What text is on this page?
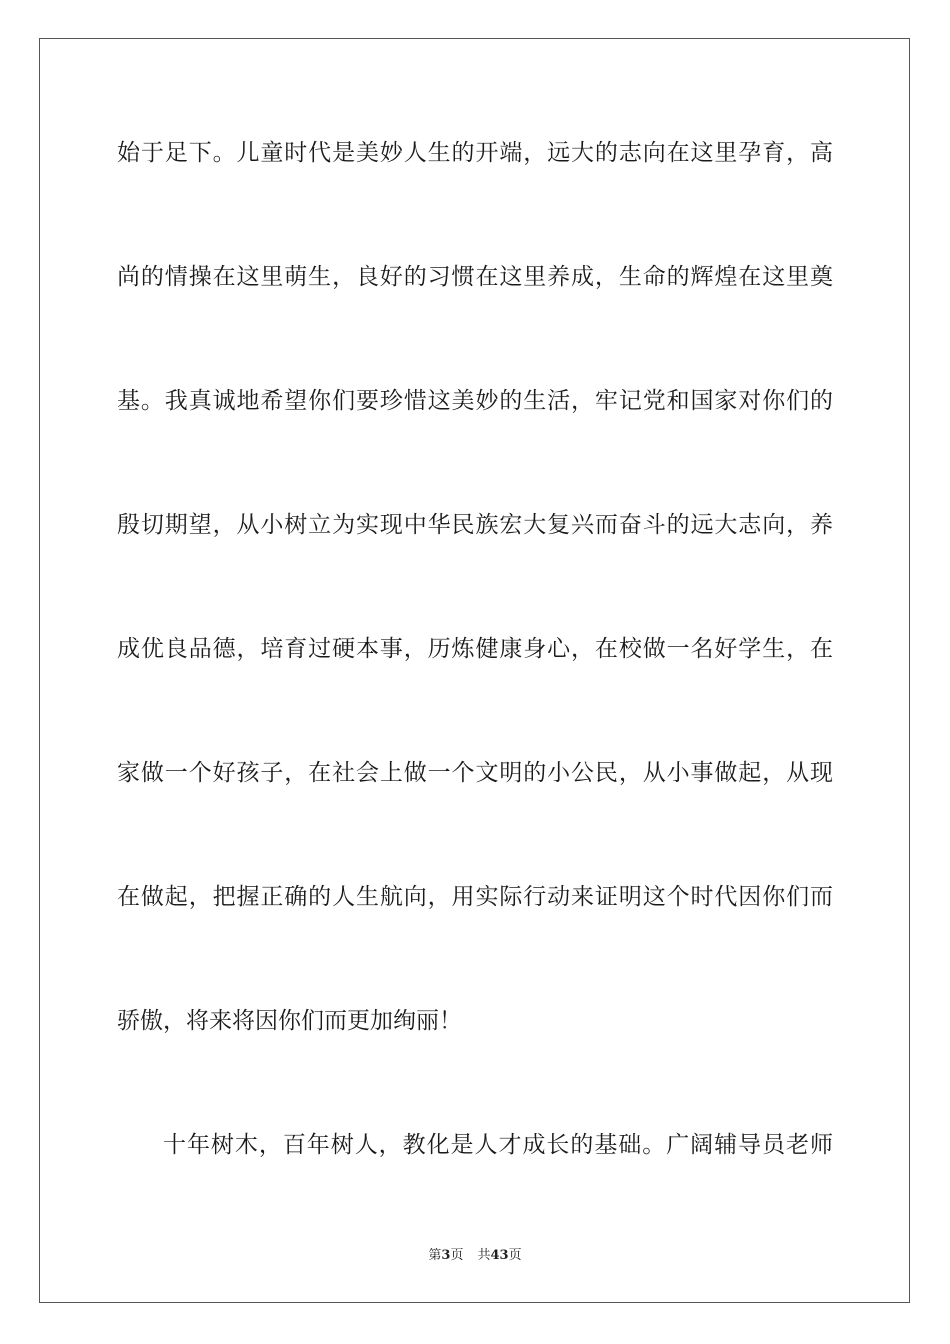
始于足下。儿童时代是美妙人生的开端，远大的志向在这里孕育，高
尚的情操在这里萌生，良好的习惯在这里养成，生命的辉煌在这里奠
基。我真诚地希望你们要珍惜这美妙的生活，牢记党和国家对你们的
殷切期望，从小树立为实现中华民族宏大复兴而奋斗的远大志向，养
成优良品德，培育过硬本事，历炼健康身心，在校做一名好学生，在
家做一个好孩子，在社会上做一个文明的小公民，从小事做起，从现
在做起，把握正确的人生航向，用实际行动来证明这个时代因你们而
骄傲，将来将因你们而更加绚丽！
十年树木，百年树人，教化是人才成长的基础。广阔辅导员老师
第3页 共43页
